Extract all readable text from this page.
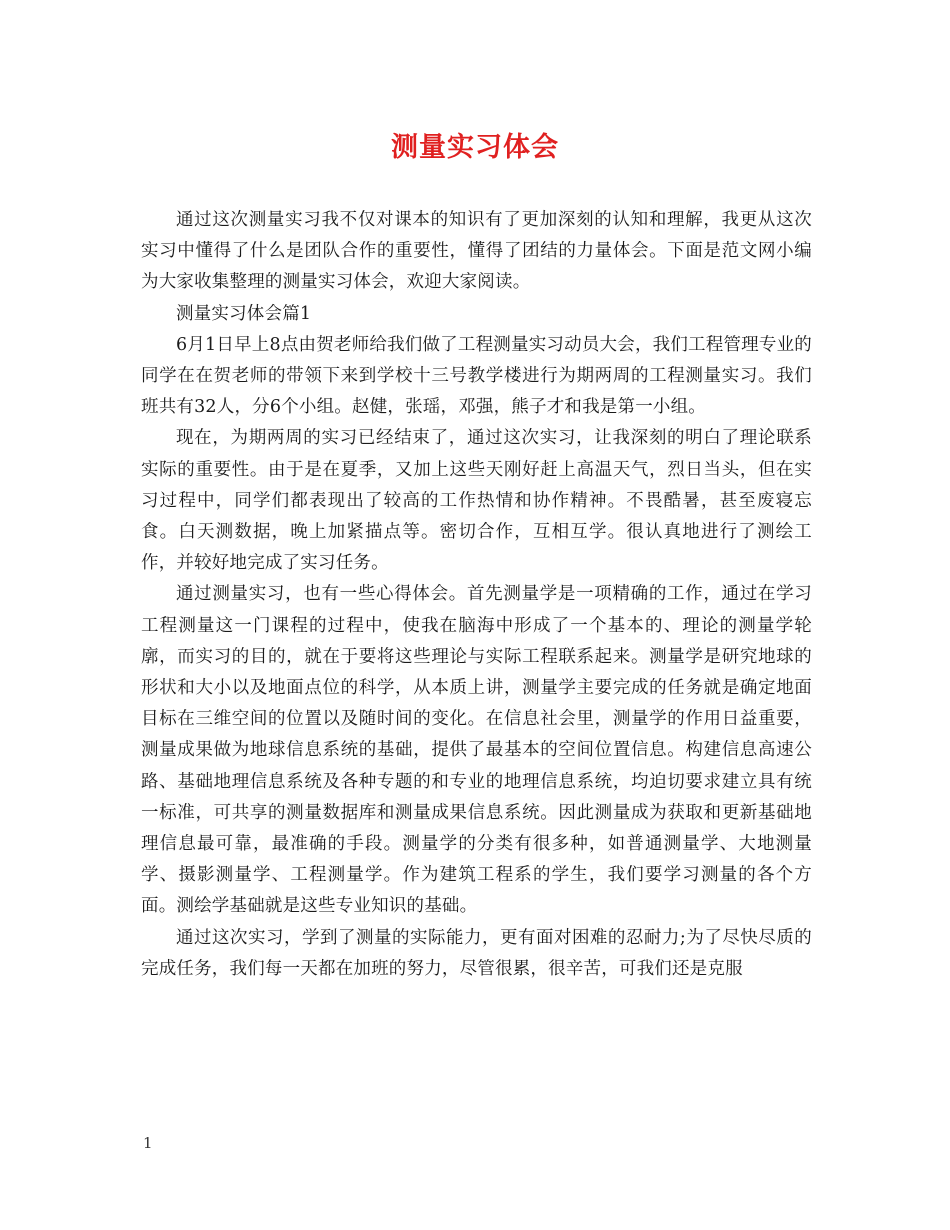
测量实习体会

通过这次测量实习我不仅对课本的知识有了更加深刻的认知和理解，我更从这次实习中懂得了什么是团队合作的重要性，懂得了团结的力量体会。下面是范文网小编为大家收集整理的测量实习体会，欢迎大家阅读。

测量实习体会篇1

6月1日早上8点由贺老师给我们做了工程测量实习动员大会，我们工程管理专业的同学在在贺老师的带领下来到学校十三号教学楼进行为期两周的工程测量实习。我们班共有32人，分6个小组。赵健，张瑶，邓强，熊子才和我是第一小组。

现在，为期两周的实习已经结束了，通过这次实习，让我深刻的明白了理论联系实际的重要性。由于是在夏季，又加上这些天刚好赶上高温天气，烈日当头，但在实习过程中，同学们都表现出了较高的工作热情和协作精神。不畏酷暑，甚至废寝忘食。白天测数据，晚上加紧描点等。密切合作，互相互学。很认真地进行了测绘工作，并较好地完成了实习任务。

通过测量实习，也有一些心得体会。首先测量学是一项精确的工作，通过在学习工程测量这一门课程的过程中，使我在脑海中形成了一个基本的、理论的测量学轮廓，而实习的目的，就在于要将这些理论与实际工程联系起来。测量学是研究地球的形状和大小以及地面点位的科学，从本质上讲，测量学主要完成的任务就是确定地面目标在三维空间的位置以及随时间的变化。在信息社会里，测量学的作用日益重要，测量成果做为地球信息系统的基础，提供了最基本的空间位置信息。构建信息高速公路、基础地理信息系统及各种专题的和专业的地理信息系统，均迫切要求建立具有统一标准，可共享的测量数据库和测量成果信息系统。因此测量成为获取和更新基础地理信息最可靠，最准确的手段。测量学的分类有很多种，如普通测量学、大地测量学、摄影测量学、工程测量学。作为建筑工程系的学生，我们要学习测量的各个方面。测绘学基础就是这些专业知识的基础。

通过这次实习，学到了测量的实际能力，更有面对困难的忍耐力;为了尽快尽质的完成任务，我们每一天都在加班的努力，尽管很累，很辛苦，可我们还是克服

1
